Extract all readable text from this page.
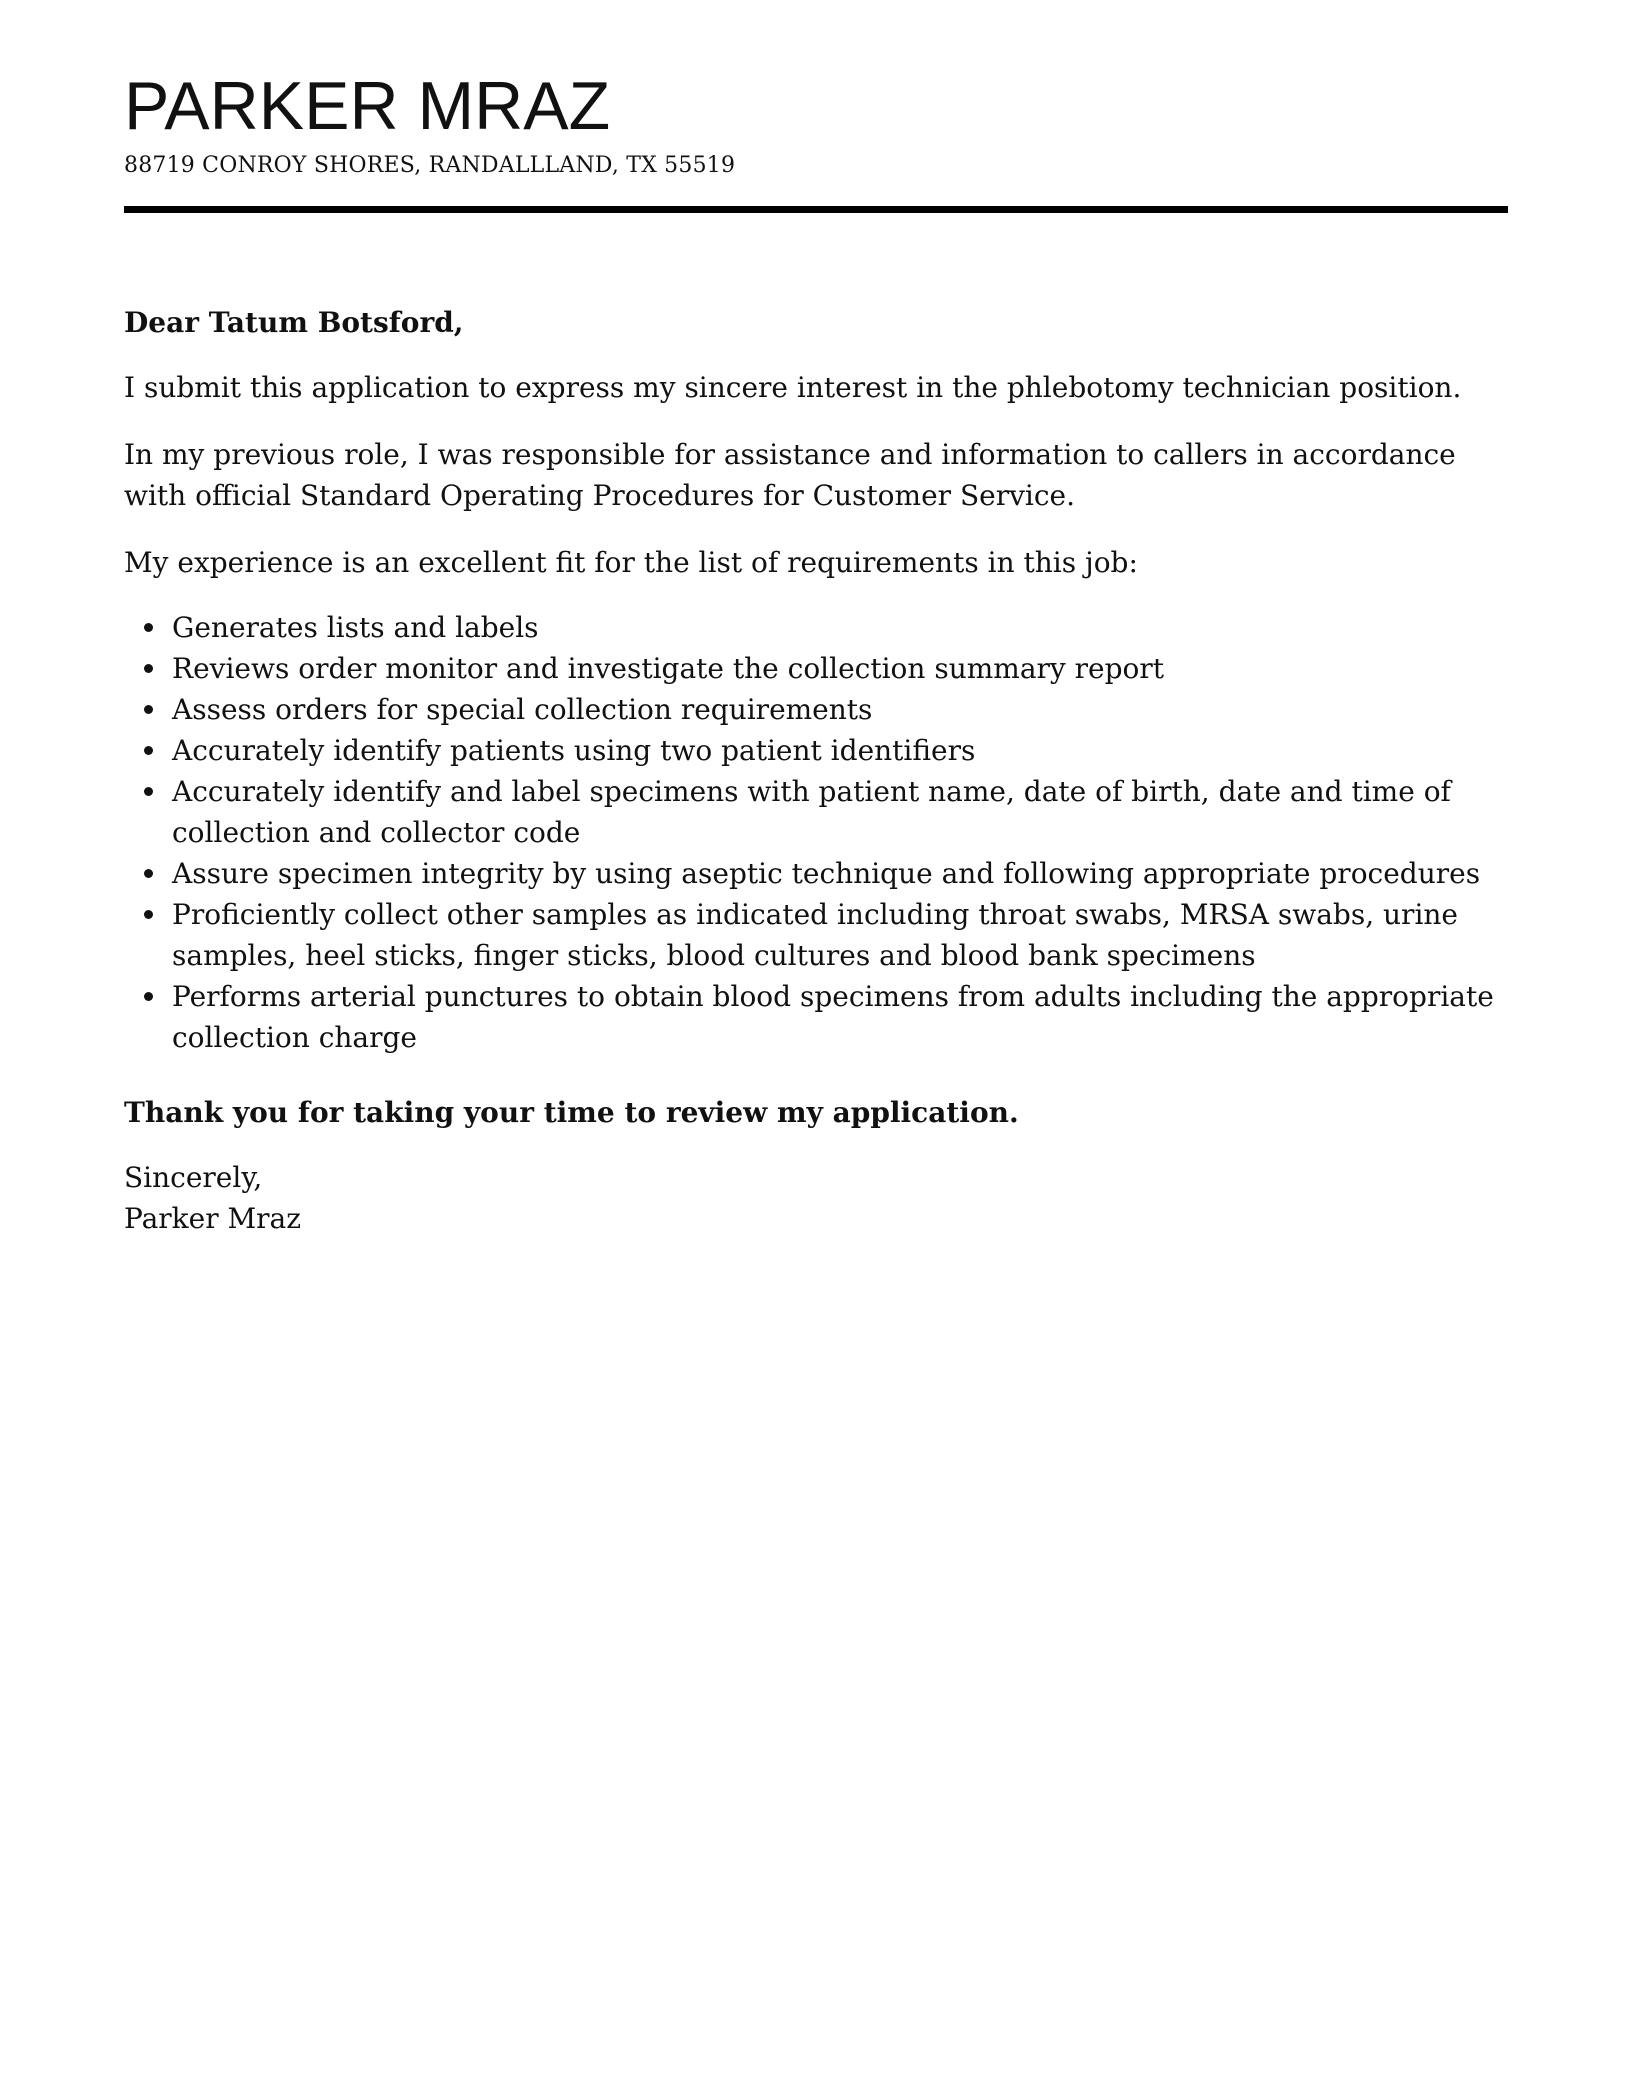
PARKER MRAZ
88719 CONROY SHORES, RANDALLLAND, TX 55519

Dear Tatum Botsford,

I submit this application to express my sincere interest in the phlebotomy technician position.

In my previous role, I was responsible for assistance and information to callers in accordance with official Standard Operating Procedures for Customer Service.

My experience is an excellent fit for the list of requirements in this job:

Generates lists and labels
Reviews order monitor and investigate the collection summary report
Assess orders for special collection requirements
Accurately identify patients using two patient identifiers
Accurately identify and label specimens with patient name, date of birth, date and time of collection and collector code
Assure specimen integrity by using aseptic technique and following appropriate procedures
Proficiently collect other samples as indicated including throat swabs, MRSA swabs, urine samples, heel sticks, finger sticks, blood cultures and blood bank specimens
Performs arterial punctures to obtain blood specimens from adults including the appropriate collection charge

Thank you for taking your time to review my application.

Sincerely,

Parker Mraz
